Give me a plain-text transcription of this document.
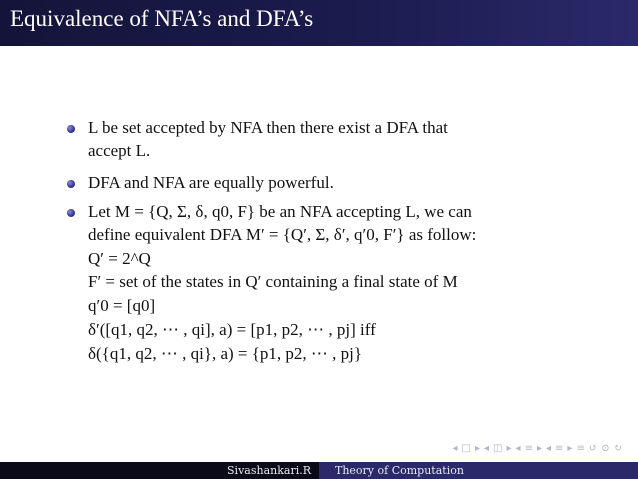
Equivalence of NFA’s and DFA’s
L be set accepted by NFA then there exist a DFA that
accept L.
DFA and NFA are equally powerful.
Let M = {Q, Σ, δ, q0, F} be an NFA accepting L, we can
define equivalent DFA M′ = {Q′, Σ, δ′, q′0, F′} as follow:
Q′ = 2^Q
F′ = set of the states in Q′ containing a final state of M
q′0 = [q0]
δ′([q1, q2, ⋯ , qi], a) = [p1, p2, ⋯ , pj] iff
δ({q1, q2, ⋯ , qi}, a) = {p1, p2, ⋯ , pj}
◂ □ ▸ ◂ ◫ ▸ ◂ ≡ ▸ ◂ ≡ ▸ ≡ ↺ ⊙ ↻
Sivashankari.R	Theory of Computation
